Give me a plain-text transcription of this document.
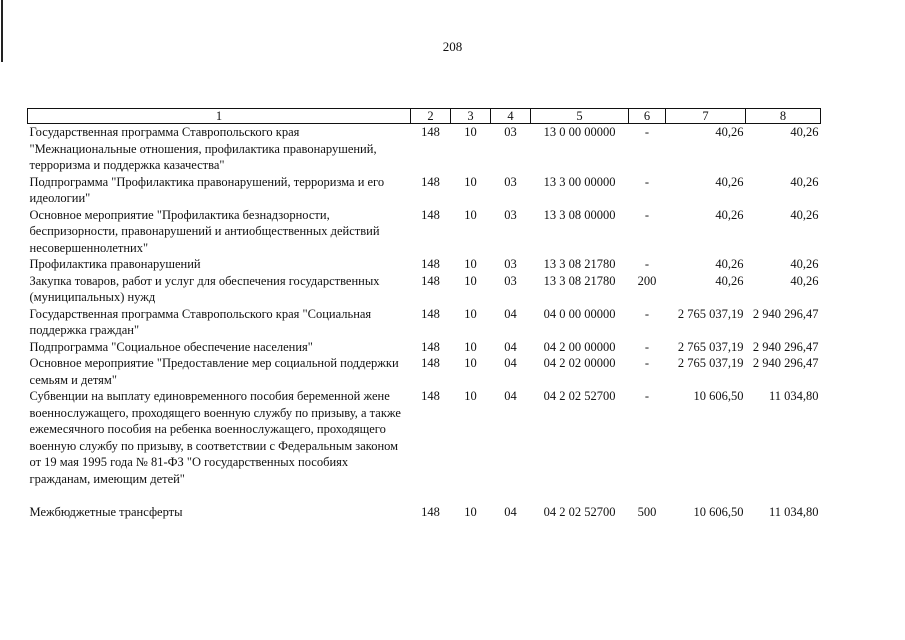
208
1	2	3	4	5	6	7	8
Государственная программа Ставропольского края "Межнациональные отношения, профилактика правонарушений, терроризма и поддержка казачества"	148	10	03	13 0 00 00000	-	40,26	40,26
Подпрограмма "Профилактика правонарушений, терроризма и его идеологии"	148	10	03	13 3 00 00000	-	40,26	40,26
Основное мероприятие "Профилактика безнадзорности, беспризорности, правонарушений и антиобщественных действий несовершеннолетних"	148	10	03	13 3 08 00000	-	40,26	40,26
Профилактика правонарушений	148	10	03	13 3 08 21780	-	40,26	40,26
Закупка товаров, работ и услуг для обеспечения государственных (муниципальных) нужд	148	10	03	13 3 08 21780	200	40,26	40,26
Государственная программа Ставропольского края "Социальная поддержка граждан"	148	10	04	04 0 00 00000	-	2 765 037,19	2 940 296,47
Подпрограмма "Социальное обеспечение населения"	148	10	04	04 2 00 00000	-	2 765 037,19	2 940 296,47
Основное мероприятие "Предоставление мер социальной поддержки семьям и детям"	148	10	04	04 2 02 00000	-	2 765 037,19	2 940 296,47
Субвенции на выплату единовременного пособия беременной жене военнослужащего, проходящего военную службу по призыву, а также ежемесячного пособия на ребенка военнослужащего, проходящего военную службу по призыву, в соответствии с Федеральным законом от 19 мая 1995 года № 81-ФЗ "О государственных пособиях гражданам, имеющим детей"	148	10	04	04 2 02 52700	-	10 606,50	11 034,80

Межбюджетные трансферты	148	10	04	04 2 02 52700	500	10 606,50	11 034,80
